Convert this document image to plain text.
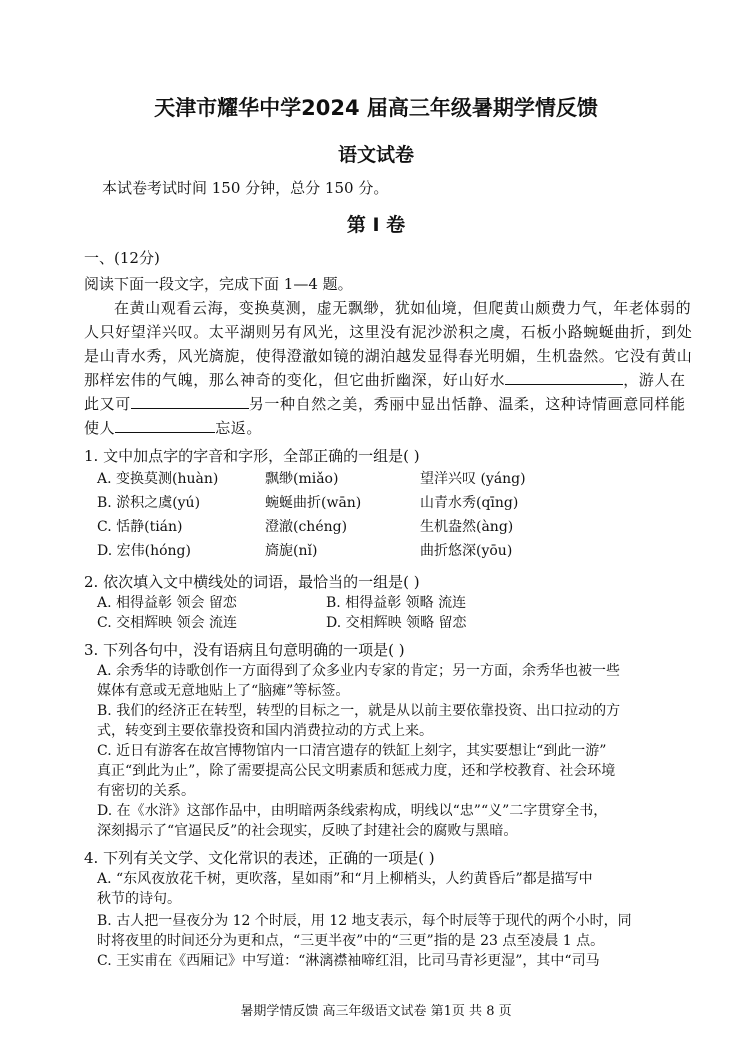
天津市耀华中学2024 届高三年级暑期学情反馈
语文试卷
本试卷考试时间 150 分钟，总分 150 分。
第 Ⅰ 卷
一、(12分)
阅读下面一段文字，完成下面 1—4 题。
在黄山观看云海，变换莫测，虚无飘缈，犹如仙境，但爬黄山颇费力气，年老体弱的
人只好望洋兴叹。太平湖则另有风光，这里没有泥沙淤积之虞，石板小路蜿蜒曲折，到处
是山青水秀，风光旖旎，使得澄澈如镜的湖泊越发显得春光明媚，生机盎然。它没有黄山
那样宏伟的气魄，那么神奇的变化，但它曲折幽深，好山好水	，游人在
此又可	另一种自然之美，秀丽中显出恬静、温柔，这种诗情画意同样能
使人	忘返。
1. 文中加点字的字音和字形，全部正确的一组是( )
A. 变换莫测(huàn)	飘缈(miǎo)	望洋兴叹 (yáng)
B. 淤积之虞(yú)	蜿蜒曲折(wān)	山青水秀(qīng)
C. 恬静(tián)	澄澈(chéng)	生机盎然(àng)
D. 宏伟(hóng)	旖旎(nǐ)	曲折悠深(yōu)
2. 依次填入文中横线处的词语，最恰当的一组是( )
A. 相得益彰 领会 留恋	B. 相得益彰 领略 流连
C. 交相辉映 领会 流连	D. 交相辉映 领略 留恋
3. 下列各句中，没有语病且句意明确的一项是( )
A. 余秀华的诗歌创作一方面得到了众多业内专家的肯定；另一方面，余秀华也被一些
媒体有意或无意地贴上了“脑瘫”等标签。
B. 我们的经济正在转型，转型的目标之一，就是从以前主要依靠投资、出口拉动的方
式，转变到主要依靠投资和国内消费拉动的方式上来。
C. 近日有游客在故宫博物馆内一口清宫遗存的铁缸上刻字，其实要想让“到此一游”
真正“到此为止”，除了需要提高公民文明素质和惩戒力度，还和学校教育、社会环境
有密切的关系。
D. 在《水浒》这部作品中，由明暗两条线索构成，明线以“忠”“义”二字贯穿全书，
深刻揭示了“官逼民反”的社会现实，反映了封建社会的腐败与黑暗。
4. 下列有关文学、文化常识的表述，正确的一项是( )
A. “东风夜放花千树，更吹落，星如雨”和“月上柳梢头，人约黄昏后”都是描写中
秋节的诗句。
B. 古人把一昼夜分为 12 个时辰，用 12 地支表示，每个时辰等于现代的两个小时，同
时将夜里的时间还分为更和点，“三更半夜”中的“三更”指的是 23 点至凌晨 1 点。
C. 王实甫在《西厢记》中写道：“淋漓襟袖啼红泪，比司马青衫更湿”，其中“司马
暑期学情反馈 高三年级语文试卷 第1页 共 8 页
